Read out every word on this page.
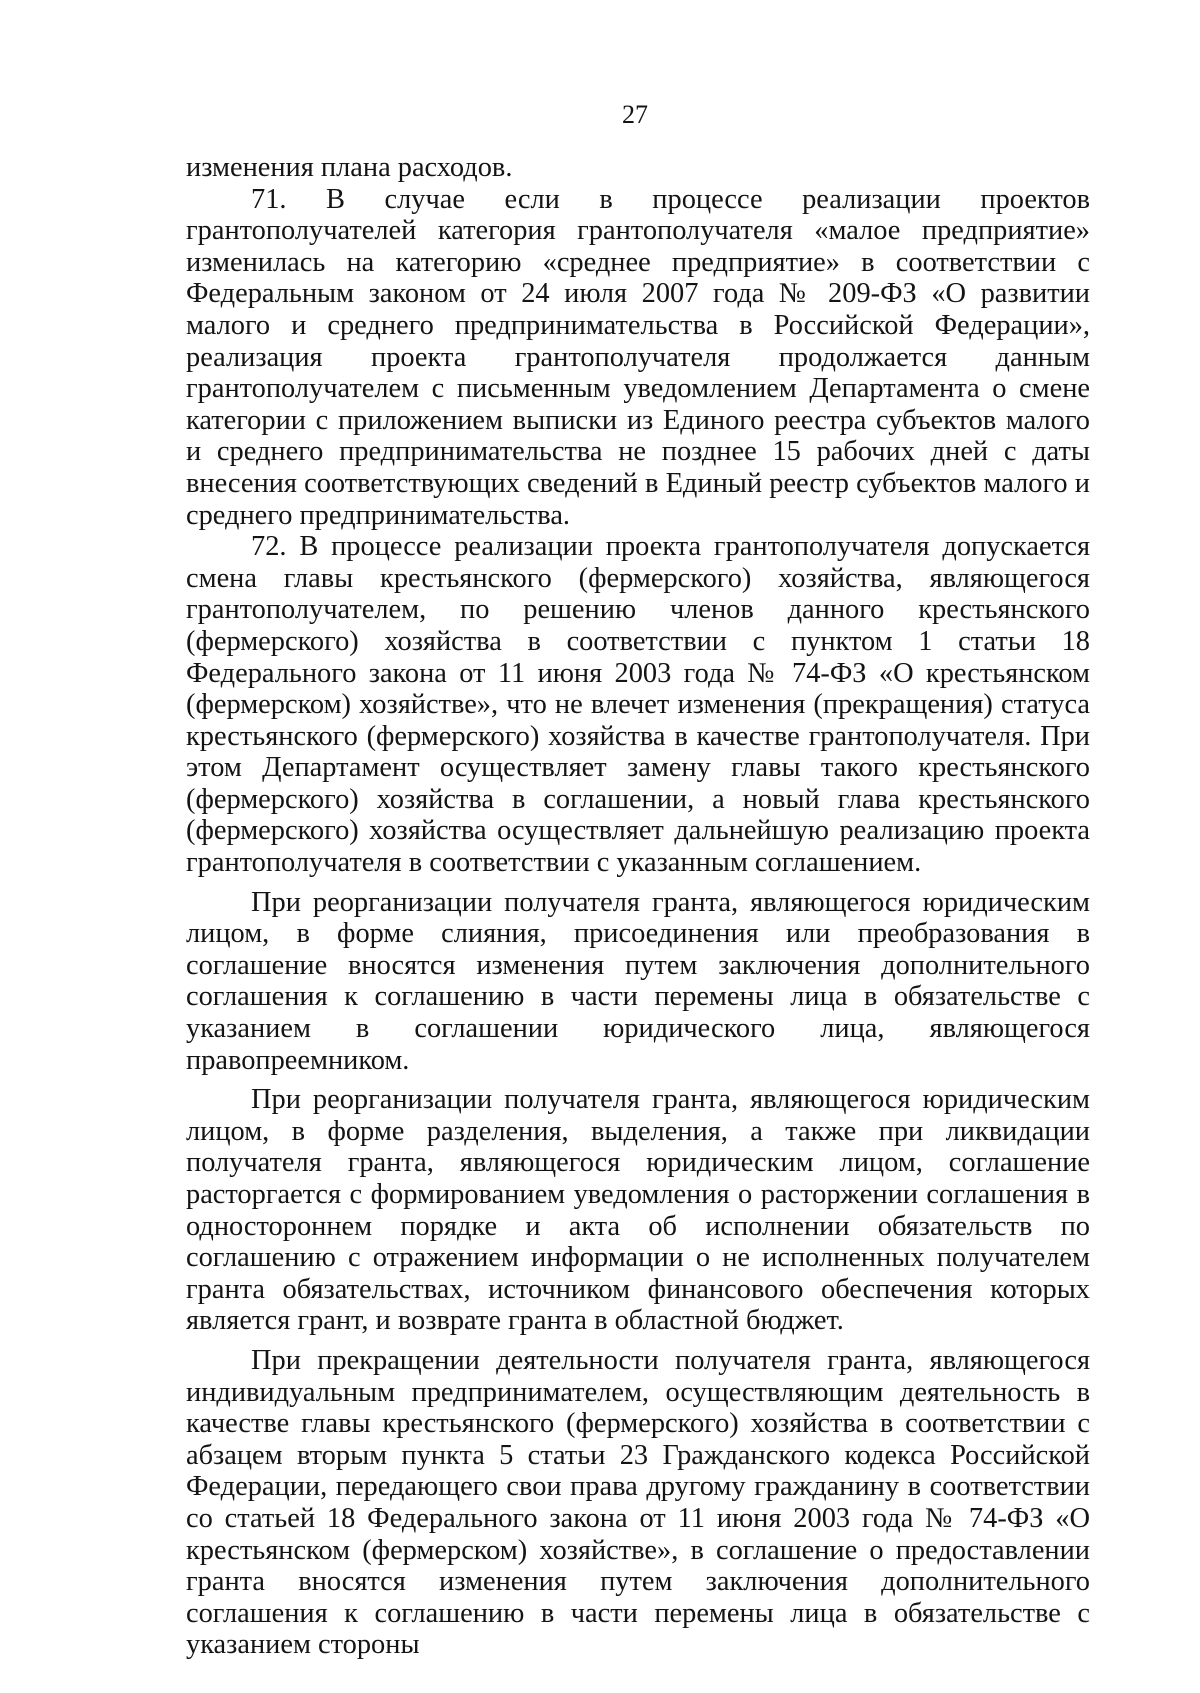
27

изменения плана расходов.

71. В случае если в процессе реализации проектов грантополучателей категория грантополучателя «малое предприятие» изменилась на категорию «среднее предприятие» в соответствии с Федеральным законом от 24 июля 2007 года № 209-ФЗ «О развитии малого и среднего предпринимательства в Российской Федерации», реализация проекта грантополучателя продолжается данным грантополучателем с письменным уведомлением Департамента о смене категории с приложением выписки из Единого реестра субъектов малого и среднего предпринимательства не позднее 15 рабочих дней с даты внесения соответствующих сведений в Единый реестр субъектов малого и среднего предпринимательства.

72. В процессе реализации проекта грантополучателя допускается смена главы крестьянского (фермерского) хозяйства, являющегося грантополучателем, по решению членов данного крестьянского (фермерского) хозяйства в соответствии с пунктом 1 статьи 18 Федерального закона от 11 июня 2003 года № 74-ФЗ «О крестьянском (фермерском) хозяйстве», что не влечет изменения (прекращения) статуса крестьянского (фермерского) хозяйства в качестве грантополучателя. При этом Департамент осуществляет замену главы такого крестьянского (фермерского) хозяйства в соглашении, а новый глава крестьянского (фермерского) хозяйства осуществляет дальнейшую реализацию проекта грантополучателя в соответствии с указанным соглашением.

При реорганизации получателя гранта, являющегося юридическим лицом, в форме слияния, присоединения или преобразования в соглашение вносятся изменения путем заключения дополнительного соглашения к соглашению в части перемены лица в обязательстве с указанием в соглашении юридического лица, являющегося правопреемником.

При реорганизации получателя гранта, являющегося юридическим лицом, в форме разделения, выделения, а также при ликвидации получателя гранта, являющегося юридическим лицом, соглашение расторгается с формированием уведомления о расторжении соглашения в одностороннем порядке и акта об исполнении обязательств по соглашению с отражением информации о не исполненных получателем гранта обязательствах, источником финансового обеспечения которых является грант, и возврате гранта в областной бюджет.

При прекращении деятельности получателя гранта, являющегося индивидуальным предпринимателем, осуществляющим деятельность в качестве главы крестьянского (фермерского) хозяйства в соответствии с абзацем вторым пункта 5 статьи 23 Гражданского кодекса Российской Федерации, передающего свои права другому гражданину в соответствии со статьей 18 Федерального закона от 11 июня 2003 года № 74-ФЗ «О крестьянском (фермерском) хозяйстве», в соглашение о предоставлении гранта вносятся изменения путем заключения дополнительного соглашения к соглашению в части перемены лица в обязательстве с указанием стороны
